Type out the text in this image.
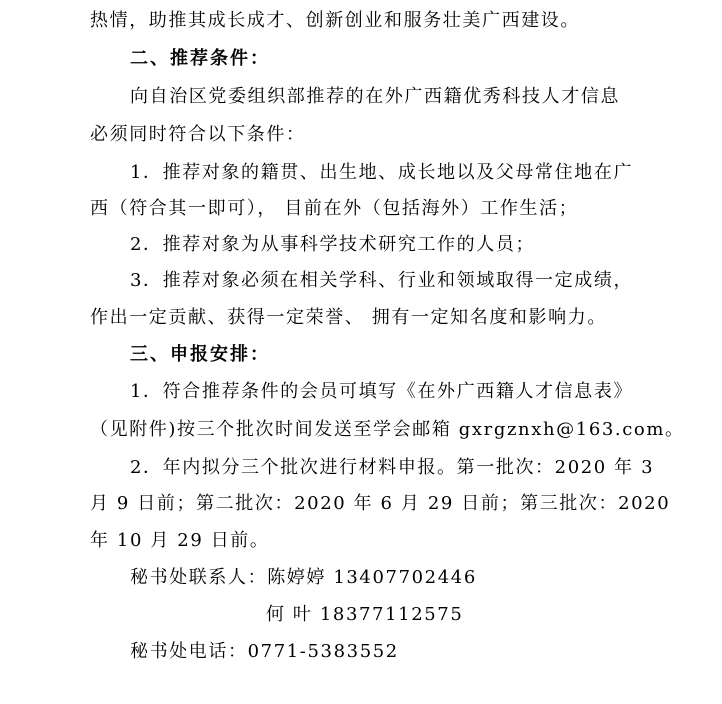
热情，助推其成长成才、创新创业和服务壮美广西建设。
二、推荐条件：
向自治区党委组织部推荐的在外广西籍优秀科技人才信息
必须同时符合以下条件：
1．推荐对象的籍贯、出生地、成长地以及父母常住地在广
西（符合其一即可）， 目前在外（包括海外）工作生活；
2．推荐对象为从事科学技术研究工作的人员；
3．推荐对象必须在相关学科、行业和领域取得一定成绩，
作出一定贡献、获得一定荣誉、 拥有一定知名度和影响力。
三、申报安排：
1．符合推荐条件的会员可填写《在外广西籍人才信息表》
（见附件)按三个批次时间发送至学会邮箱 gxrgznxh@163.com。
2．年内拟分三个批次进行材料申报。第一批次：2020 年 3
月 9 日前；第二批次：2020 年 6 月 29 日前；第三批次：2020
年 10 月 29 日前。
秘书处联系人：陈婷婷 13407702446
何 叶 18377112575
秘书处电话：0771-5383552
